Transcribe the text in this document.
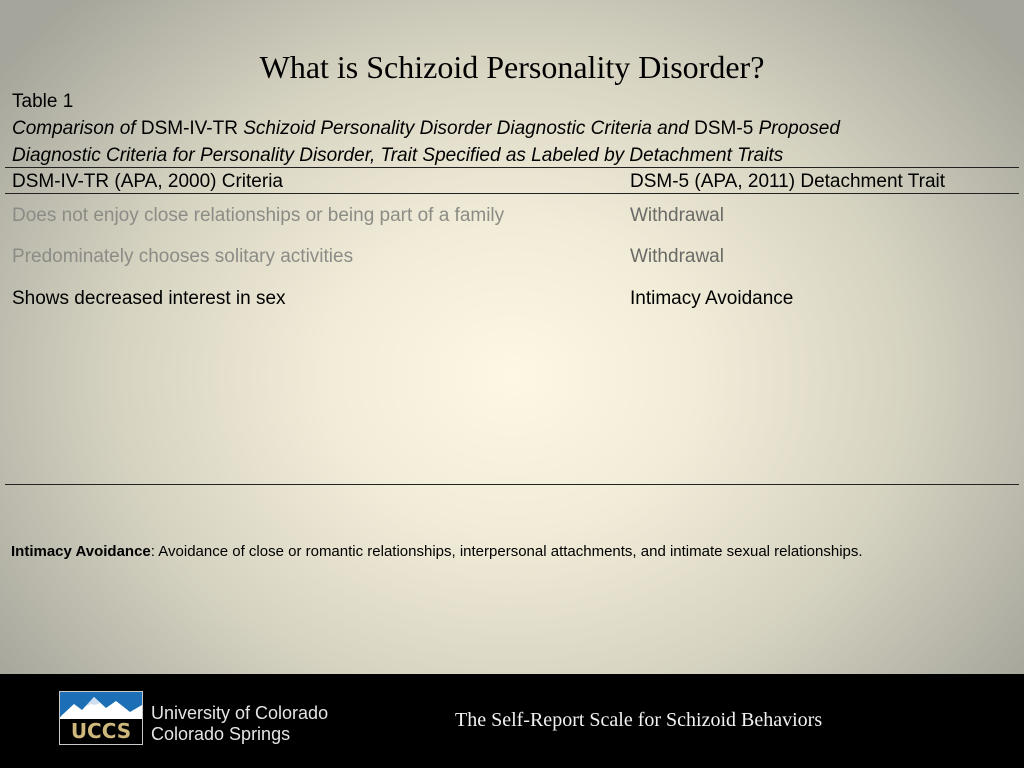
What is Schizoid Personality Disorder?
Table 1
Comparison of DSM-IV-TR Schizoid Personality Disorder Diagnostic Criteria and DSM-5 Proposed
Diagnostic Criteria for Personality Disorder, Trait Specified as Labeled by Detachment Traits
DSM-IV-TR (APA, 2000) Criteria	DSM-5 (APA, 2011) Detachment Trait
Does not enjoy close relationships or being part of a family	Withdrawal
Predominately chooses solitary activities	Withdrawal
Shows decreased interest in sex	Intimacy Avoidance
Intimacy Avoidance: Avoidance of close or romantic relationships, interpersonal attachments, and intimate sexual relationships.
UCCS
University of Colorado
Colorado Springs
The Self-Report Scale for Schizoid Behaviors
